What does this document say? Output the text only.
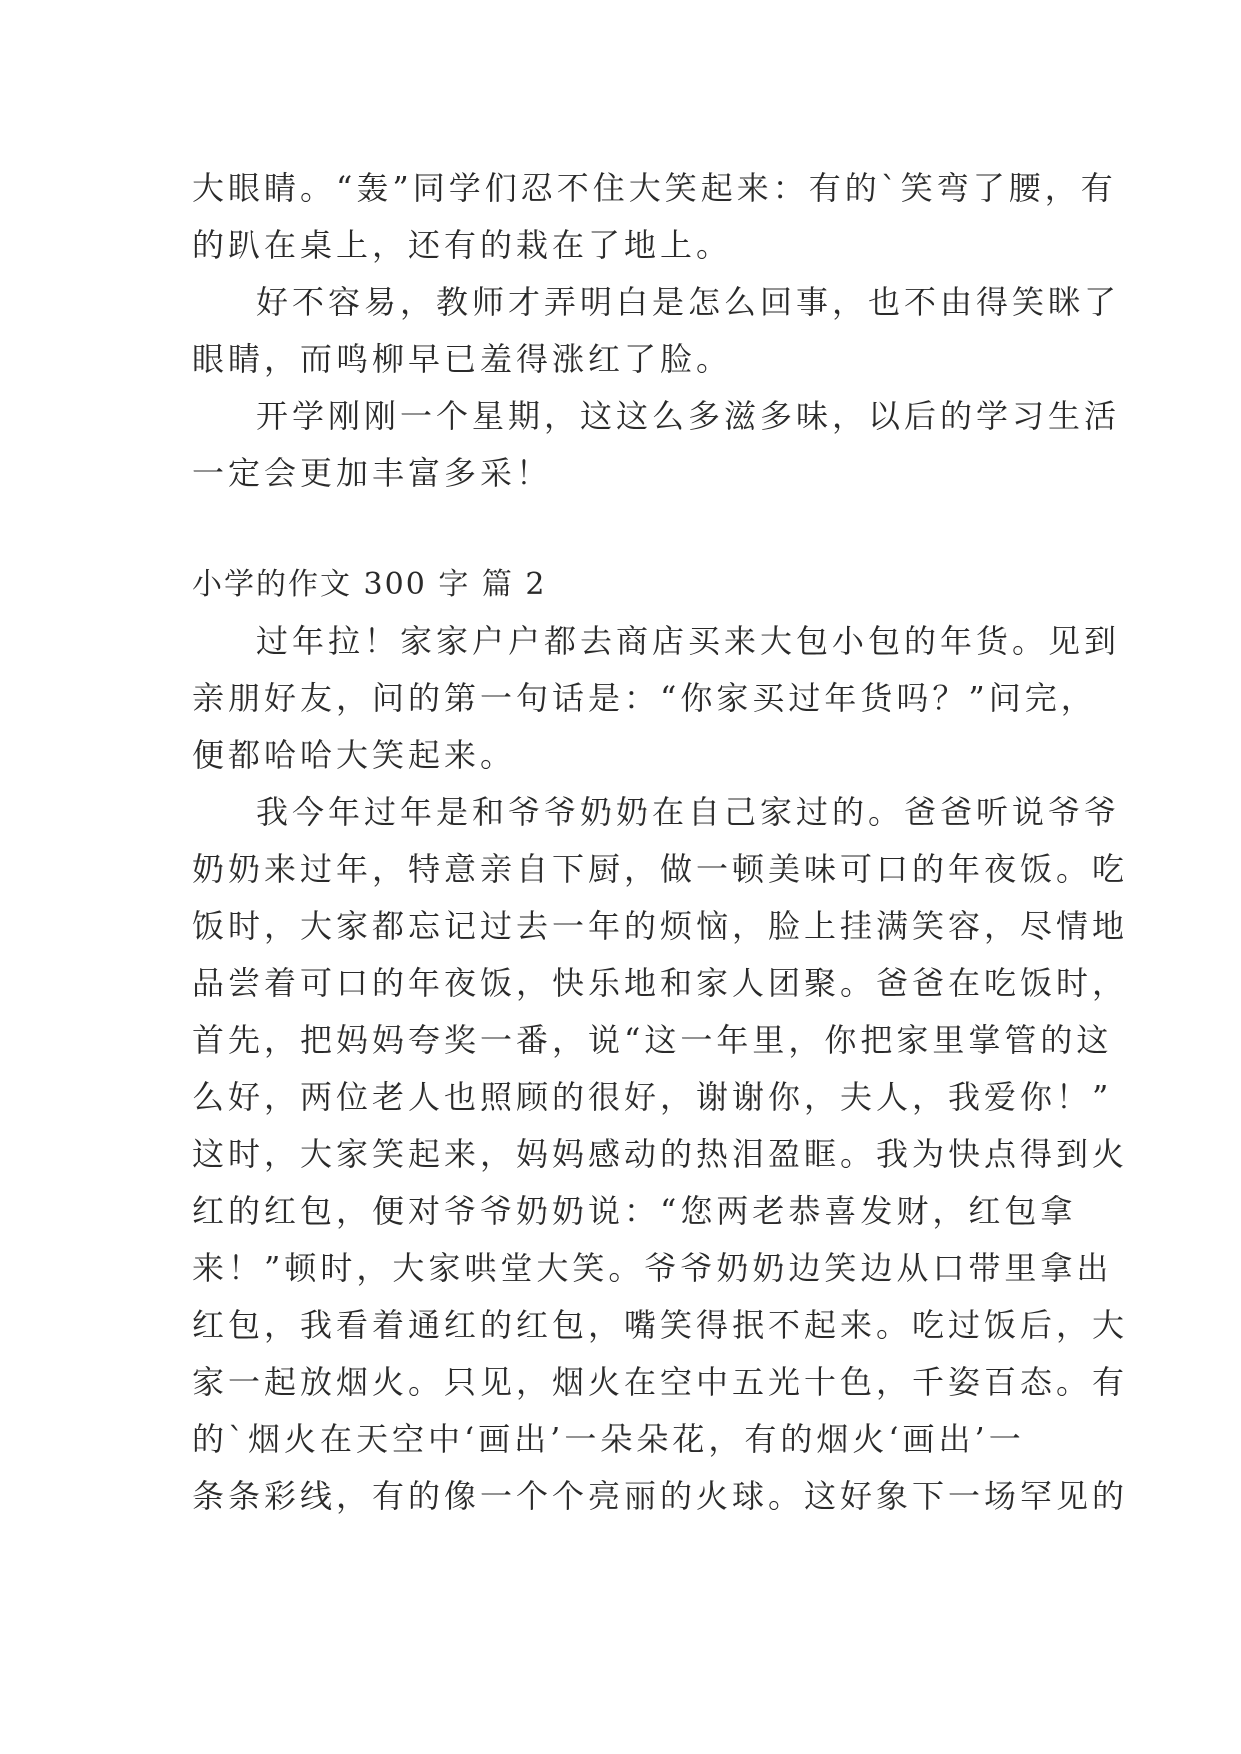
大眼睛。“轰”同学们忍不住大笑起来：有的`笑弯了腰，有
的趴在桌上，还有的栽在了地上。
好不容易，教师才弄明白是怎么回事，也不由得笑眯了
眼睛，而鸣柳早已羞得涨红了脸。
开学刚刚一个星期，这这么多滋多味，以后的学习生活
一定会更加丰富多采！
小学的作文 300 字 篇 2
过年拉！家家户户都去商店买来大包小包的年货。见到
亲朋好友，问的第一句话是：“你家买过年货吗？”问完，
便都哈哈大笑起来。
我今年过年是和爷爷奶奶在自己家过的。爸爸听说爷爷
奶奶来过年，特意亲自下厨，做一顿美味可口的年夜饭。吃
饭时，大家都忘记过去一年的烦恼，脸上挂满笑容，尽情地
品尝着可口的年夜饭，快乐地和家人团聚。爸爸在吃饭时，
首先，把妈妈夸奖一番，说“这一年里，你把家里掌管的这
么好，两位老人也照顾的很好，谢谢你，夫人，我爱你！”
这时，大家笑起来，妈妈感动的热泪盈眶。我为快点得到火
红的红包，便对爷爷奶奶说：“您两老恭喜发财，红包拿
来！”顿时，大家哄堂大笑。爷爷奶奶边笑边从口带里拿出
红包，我看着通红的红包，嘴笑得抿不起来。吃过饭后，大
家一起放烟火。只见，烟火在空中五光十色，千姿百态。有
的`烟火在天空中‘画出’一朵朵花，有的烟火‘画出’一
条条彩线，有的像一个个亮丽的火球。这好象下一场罕见的
